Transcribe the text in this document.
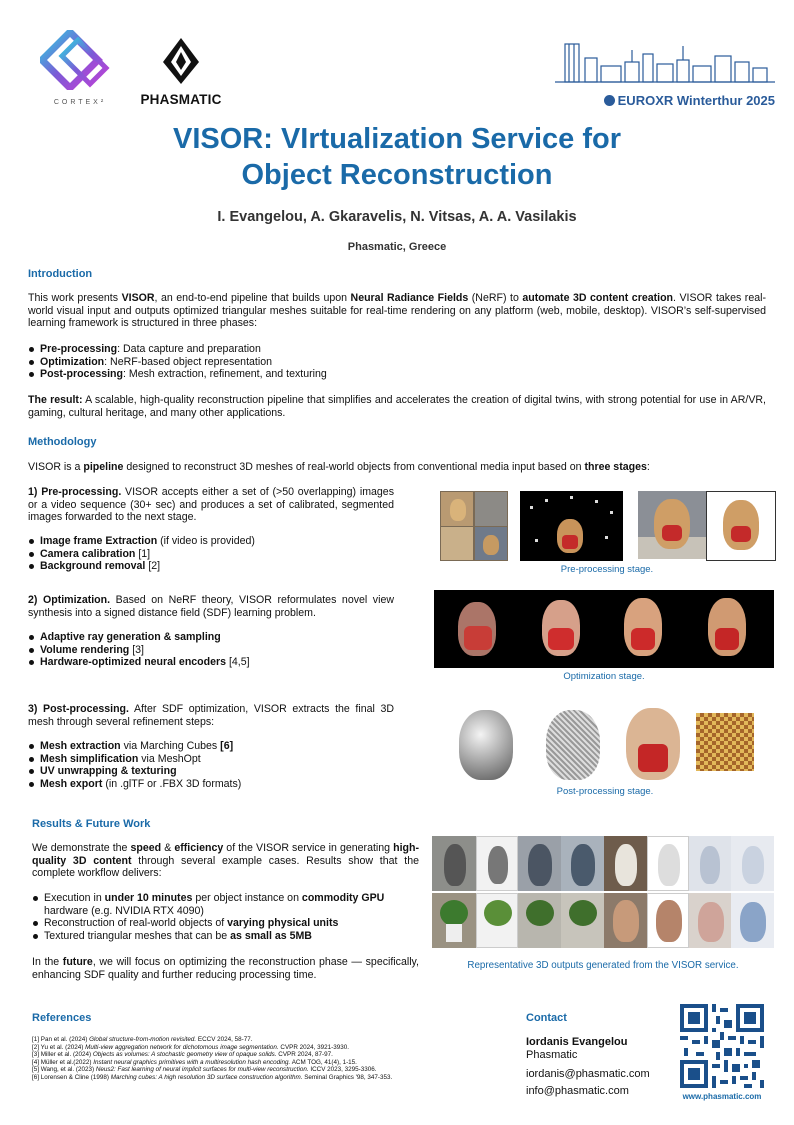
CORTEX²	PHASMATIC	EUROXR Winterthur 2025
VISOR: VIrtualization Service for
Object Reconstruction
I. Evangelou, A. Gkaravelis, N. Vitsas, A. A. Vasilakis
Phasmatic, Greece
Introduction
This work presents VISOR, an end-to-end pipeline that builds upon Neural Radiance Fields (NeRF) to automate 3D content creation. VISOR takes real-world visual input and outputs optimized triangular meshes suitable for real-time rendering on any platform (web, mobile, desktop). VISOR’s self-supervised learning framework is structured in three phases:
Pre-processing: Data capture and preparation
Optimization: NeRF-based object representation
Post-processing: Mesh extraction, refinement, and texturing
The result: A scalable, high-quality reconstruction pipeline that simplifies and accelerates the creation of digital twins, with strong potential for use in AR/VR, gaming, cultural heritage, and many other applications.
Methodology
VISOR is a pipeline designed to reconstruct 3D meshes of real-world objects from conventional media input based on three stages:
1) Pre-processing. VISOR accepts either a set of (>50 overlapping) images or a video sequence (30+ sec) and produces a set of calibrated, segmented images forwarded to the next stage.
Image frame Extraction (if video is provided)
Camera calibration [1]
Background removal [2]	Pre-processing stage.
2) Optimization. Based on NeRF theory, VISOR reformulates novel view synthesis into a signed distance field (SDF) learning problem.
Adaptive ray generation & sampling
Volume rendering [3]
Hardware-optimized neural encoders [4,5]
Optimization stage.
3) Post-processing. After SDF optimization, VISOR extracts the final 3D mesh through several refinement steps:
Mesh extraction via Marching Cubes [6]
Mesh simplification via MeshOpt
UV unwrapping & texturing
Mesh export (in .glTF or .FBX 3D formats)
Post-processing stage.
Results & Future Work
We demonstrate the speed & efficiency of the VISOR service in generating high-quality 3D content through several example cases. Results show that the complete workflow delivers:
Execution in under 10 minutes per object instance on commodity GPU hardware (e.g. NVIDIA RTX 4090)
Reconstruction of real-world objects of varying physical units
Textured triangular meshes that can be as small as 5MB
In the future, we will focus on optimizing the reconstruction phase — specifically, enhancing SDF quality and further reducing processing time.
Representative 3D outputs generated from the VISOR service.
References
[1] Pan et al. (2024) Global structure-from-motion revisited. ECCV 2024, 58-77.
[2] Yu et al. (2024) Multi-view aggregation network for dichotomous image segmentation. CVPR 2024, 3921-3930.
[3] Miller et al. (2024) Objects as volumes: A stochastic geometry view of opaque solids. CVPR 2024, 87-97.
[4] Müller et al.(2022) Instant neural graphics primitives with a multiresolution hash encoding. ACM TOG, 41(4), 1-15.
[5] Wang, et al. (2023) Neus2: Fast learning of neural implicit surfaces for multi-view reconstruction. ICCV 2023, 3295-3306.
[6] Lorensen & Cline (1998) Marching cubes: A high resolution 3D surface construction algorithm. Seminal Graphics '98, 347-353.
Contact
Iordanis Evangelou
Phasmatic
iordanis@phasmatic.com
info@phasmatic.com	www.phasmatic.com
